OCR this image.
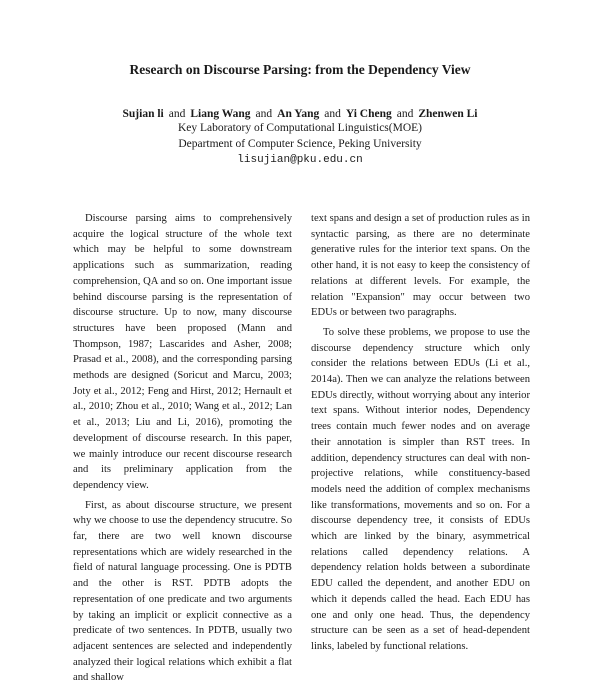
Research on Discourse Parsing: from the Dependency View
Sujian li and Liang Wang and An Yang and Yi Cheng and Zhenwen Li
Key Laboratory of Computational Linguistics(MOE)
Department of Computer Science, Peking University
lisujian@pku.edu.cn

Discourse parsing aims to comprehensively acquire the logical structure of the whole text which may be helpful to some downstream applications such as summarization, reading comprehension, QA and so on. One important issue behind discourse parsing is the representation of discourse structure. Up to now, many discourse structures have been proposed (Mann and Thompson, 1987; Lascarides and Asher, 2008; Prasad et al., 2008), and the corresponding parsing methods are designed (Soricut and Marcu, 2003; Joty et al., 2012; Feng and Hirst, 2012; Hernault et al., 2010; Zhou et al., 2010; Wang et al., 2012; Lan et al., 2013; Liu and Li, 2016), promoting the development of discourse research. In this paper, we mainly introduce our recent discourse research and its preliminary application from the dependency view.

First, as about discourse structure, we present why we choose to use the dependency strucutre. So far, there are two well known discourse representations which are widely researched in the field of natural language processing. One is PDTB and the other is RST. PDTB adopts the representation of one predicate and two arguments by taking an implicit or explicit connective as a predicate of two sentences. In PDTB, usually two adjacent sentences are selected and independently analyzed their logical relations which exhibit a flat and shallow

text spans and design a set of production rules as in syntactic parsing, as there are no determinate generative rules for the interior text spans. On the other hand, it is not easy to keep the consistency of relations at different levels. For example, the relation "Expansion" may occur between two EDUs or between two paragraphs.

To solve these problems, we propose to use the discourse dependency structure which only consider the relations between EDUs (Li et al., 2014a). Then we can analyze the relations between EDUs directly, without worrying about any interior text spans. Without interior nodes, Dependency trees contain much fewer nodes and on average their annotation is simpler than RST trees. In addition, dependency structures can deal with non-projective relations, while constituency-based models need the addition of complex mechanisms like transformations, movements and so on. For a discourse dependency tree, it consists of EDUs which are linked by the binary, asymmetrical relations called dependency relations. A dependency relation holds between a subordinate EDU called the dependent, and another EDU on which it depends called the head. Each EDU has one and only one head. Thus, the dependency structure can be seen as a set of head-dependent links, labeled by functional relations.
